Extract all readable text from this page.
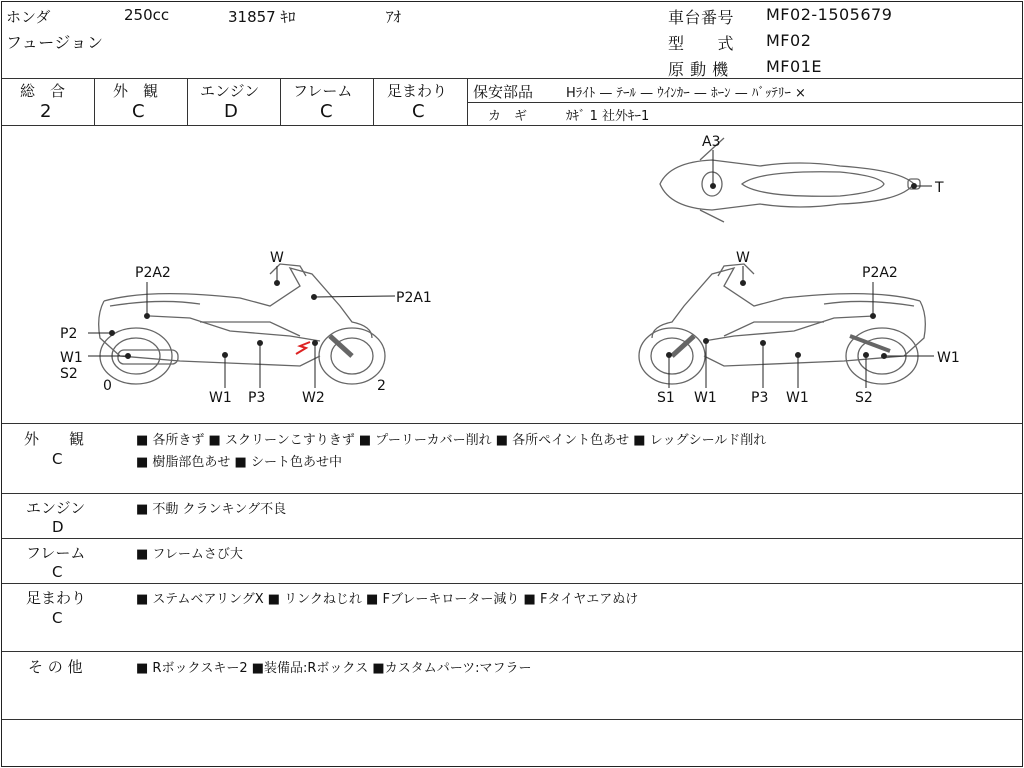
ホンダ	250cc	31857 ｷﾛ	ｱｵ
フュージョン
車台番号 MF02-1505679
型　　式 MF02
原 動 機 MF01E
総　合
2
外　観
C
エンジン
D
フレーム
C
足まわり
C
保安部品	Hﾗｲﾄ — ﾃｰﾙ — ｳｲﾝｶｰ — ﾎｰﾝ — ﾊﾞｯﾃﾘｰ ×
カ　ギ	ｶｷﾞ 1 社外ｷｰ1
P2A2
P2A1
P2
W1
S2
0
W1 P3	W2
2
W	W
P2A2
W1
S1 W1 P3 W1	S2
A3
T
外　　観
C
■ 各所きず ■ スクリーンこすりきず ■ プーリーカバー削れ ■ 各所ペイント色あせ ■ レッグシールド削れ
■ 樹脂部色あせ ■ シート色あせ中
エンジン
D
■ 不動 クランキング不良
フレーム
C
■ フレームさび大
足まわり
C
■ ステムベアリングX ■ リンクねじれ ■ Fブレーキローター減り ■ Fタイヤエアぬけ
そ の 他	■ Rボックスキー2 ■装備品:Rボックス ■カスタムパーツ:マフラー
